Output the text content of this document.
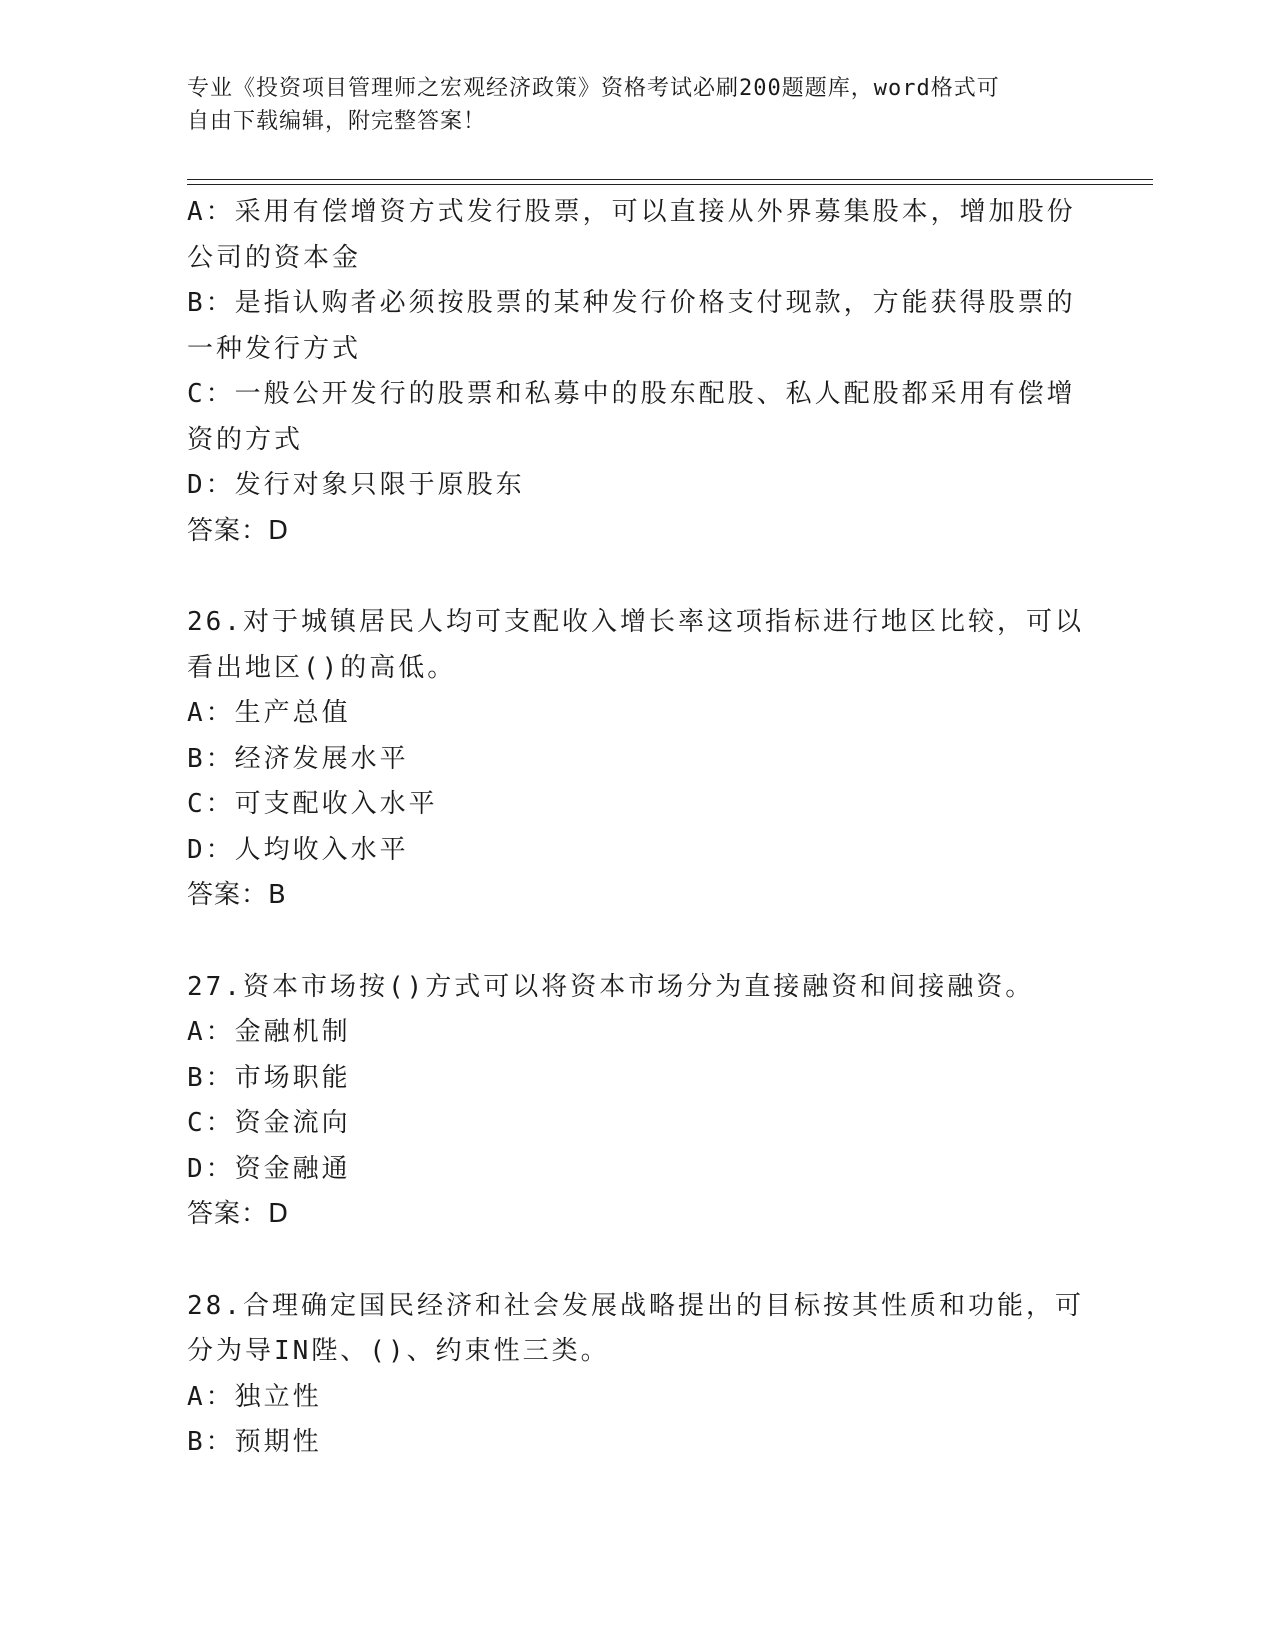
专业《投资项目管理师之宏观经济政策》资格考试必刷200题题库，word格式可
自由下载编辑，附完整答案！
A：采用有偿增资方式发行股票，可以直接从外界募集股本，增加股份
公司的资本金
B：是指认购者必须按股票的某种发行价格支付现款，方能获得股票的
一种发行方式
C：一般公开发行的股票和私募中的股东配股、私人配股都采用有偿增
资的方式
D：发行对象只限于原股东
答案：D
26.对于城镇居民人均可支配收入增长率这项指标进行地区比较，可以
看出地区()的高低。
A：生产总值
B：经济发展水平
C：可支配收入水平
D：人均收入水平
答案：B
27.资本市场按()方式可以将资本市场分为直接融资和间接融资。
A：金融机制
B：市场职能
C：资金流向
D：资金融通
答案：D
28.合理确定国民经济和社会发展战略提出的目标按其性质和功能，可
分为导IN陛、()、约束性三类。
A：独立性
B：预期性
